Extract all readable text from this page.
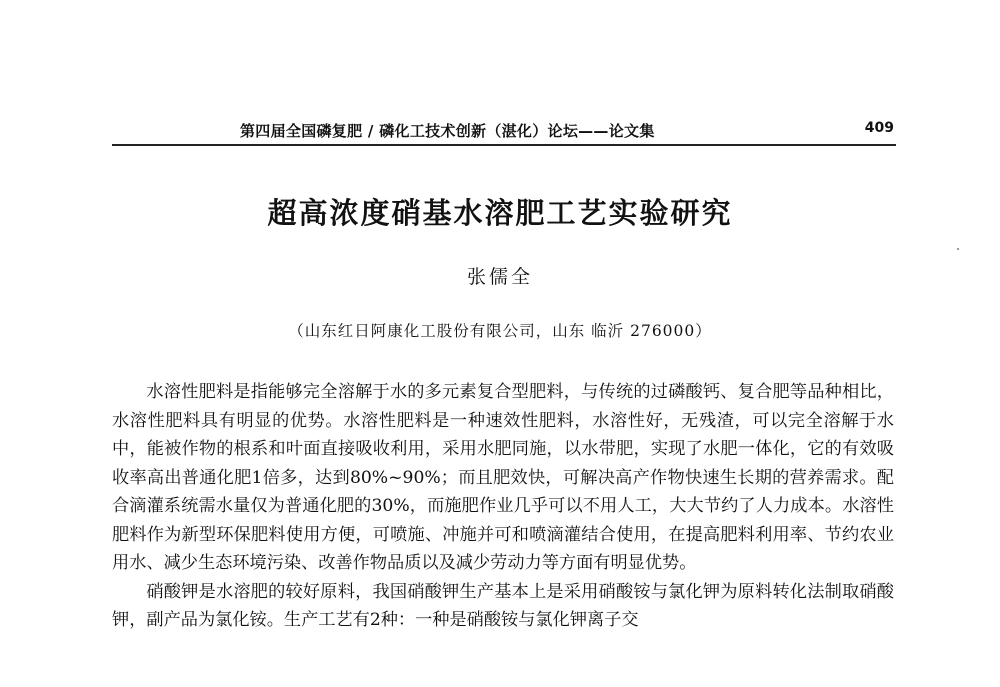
第四届全国磷复肥 / 磷化工技术创新（湛化）论坛——论文集	409
超高浓度硝基水溶肥工艺实验研究
张儒全
（山东红日阿康化工股份有限公司，山东 临沂 276000）

水溶性肥料是指能够完全溶解于水的多元素复合型肥料，与传统的过磷酸钙、复合肥等品种相比，水溶性肥料具有明显的优势。水溶性肥料是一种速效性肥料，水溶性好，无残渣，可以完全溶解于水中，能被作物的根系和叶面直接吸收利用，采用水肥同施，以水带肥，实现了水肥一体化，它的有效吸收率高出普通化肥1倍多，达到80%~90%；而且肥效快，可解决高产作物快速生长期的营养需求。配合滴灌系统需水量仅为普通化肥的30%，而施肥作业几乎可以不用人工，大大节约了人力成本。水溶性肥料作为新型环保肥料使用方便，可喷施、冲施并可和喷滴灌结合使用，在提高肥料利用率、节约农业用水、减少生态环境污染、改善作物品质以及减少劳动力等方面有明显优势。

硝酸钾是水溶肥的较好原料，我国硝酸钾生产基本上是采用硝酸铵与氯化钾为原料转化法制取硝酸钾，副产品为氯化铵。生产工艺有2种：一种是硝酸铵与氯化钾离子交
